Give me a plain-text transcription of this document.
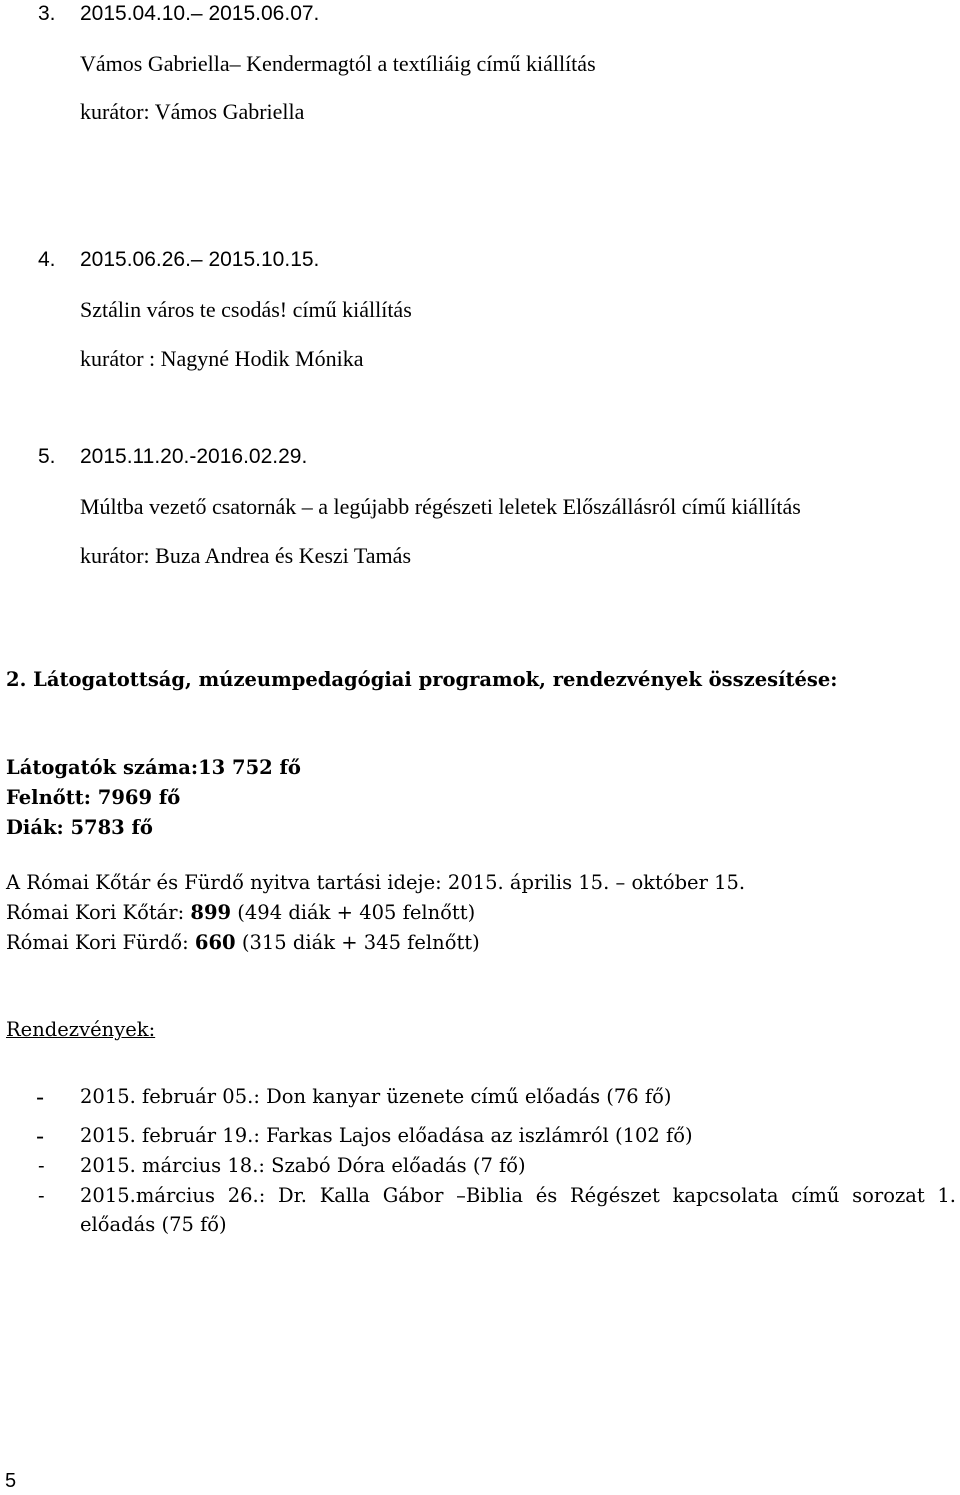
3. 2015.04.10.– 2015.06.07.
Vámos Gabriella– Kendermagtól a textíliáig című kiállítás
kurátor: Vámos Gabriella
4. 2015.06.26.– 2015.10.15.
Sztálin város te csodás! című kiállítás
kurátor : Nagyné Hodik Mónika
5. 2015.11.20.-2016.02.29.
Múltba vezető csatornák – a legújabb régészeti leletek Előszállásról című kiállítás
kurátor: Buza Andrea és Keszi Tamás
2. Látogatottság, múzeumpedagógiai programok, rendezvények összesítése:
Látogatók száma:13 752 fő
Felnőtt: 7969 fő
Diák: 5783 fő
A Római Kőtár és Fürdő nyitva tartási ideje: 2015. április 15. – október 15.
Római Kori Kőtár: 899 (494 diák + 405 felnőtt)
Római Kori Fürdő: 660 (315 diák + 345 felnőtt)
Rendezvények:
- 2015. február 05.: Don kanyar üzenete című előadás (76 fő)
- 2015. február 19.: Farkas Lajos előadása az iszlámról (102 fő)
- 2015. március 18.: Szabó Dóra előadás (7 fő)
- 2015.március 26.: Dr. Kalla Gábor –Biblia és Régészet kapcsolata című sorozat 1.
előadás (75 fő)
5
